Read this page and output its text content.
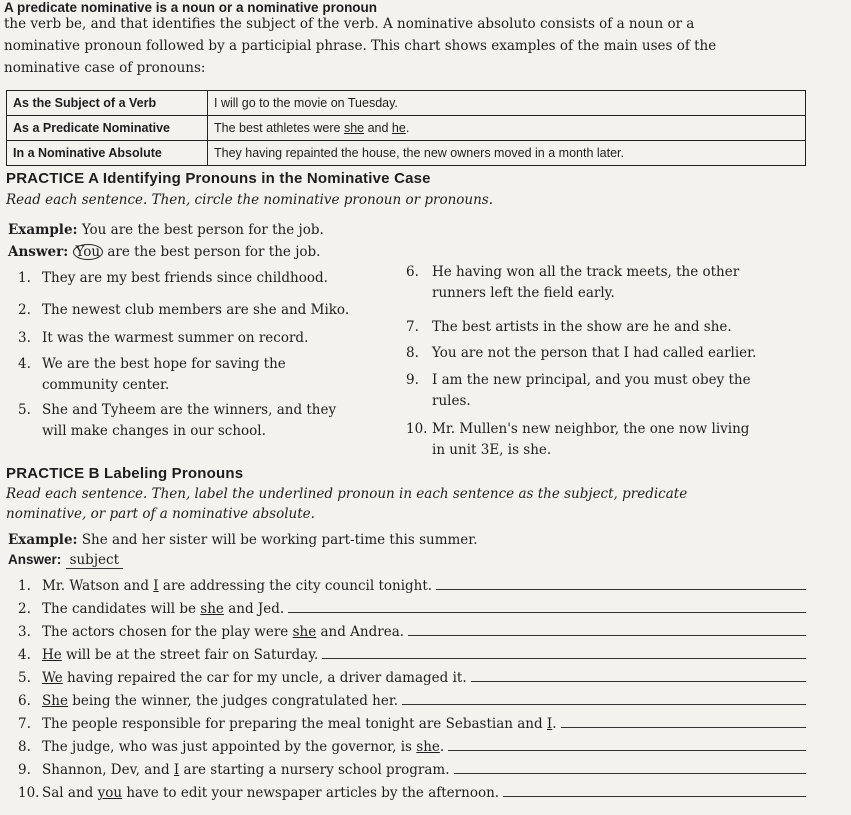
A predicate nominative is a noun or a nominative pronoun
the verb be, and that identifies the subject of the verb. A nominative absoluto consists of a noun or a
nominative pronoun followed by a participial phrase. This chart shows examples of the main uses of the
nominative case of pronouns:
As the Subject of a Verb	I will go to the movie on Tuesday.
As a Predicate Nominative	The best athletes were she and he.
In a Nominative Absolute	They having repainted the house, the new owners moved in a month later.
PRACTICE A Identifying Pronouns in the Nominative Case
Read each sentence. Then, circle the nominative pronoun or pronouns.
Example: You are the best person for the job.
Answer: You are the best person for the job.
1. They are my best friends since childhood.
2. The newest club members are she and Miko.
3. It was the warmest summer on record.
4. We are the best hope for saving the
community center.
5. She and Tyheem are the winners, and they
will make changes in our school.
6. He having won all the track meets, the other
runners left the field early.
7. The best artists in the show are he and she.
8. You are not the person that I had called earlier.
9. I am the new principal, and you must obey the
rules.
10. Mr. Mullen's new neighbor, the one now living
in unit 3E, is she.
PRACTICE B Labeling Pronouns
Read each sentence. Then, label the underlined pronoun in each sentence as the subject, predicate
nominative, or part of a nominative absolute.
Example: She and her sister will be working part-time this summer.
Answer: subject
1. Mr. Watson and I are addressing the city council tonight.
2. The candidates will be she and Jed.
3. The actors chosen for the play were she and Andrea.
4. He will be at the street fair on Saturday.
5. We having repaired the car for my uncle, a driver damaged it.
6. She being the winner, the judges congratulated her.
7. The people responsible for preparing the meal tonight are Sebastian and I.
8. The judge, who was just appointed by the governor, is she.
9. Shannon, Dev, and I are starting a nursery school program.
10. Sal and you have to edit your newspaper articles by the afternoon.
